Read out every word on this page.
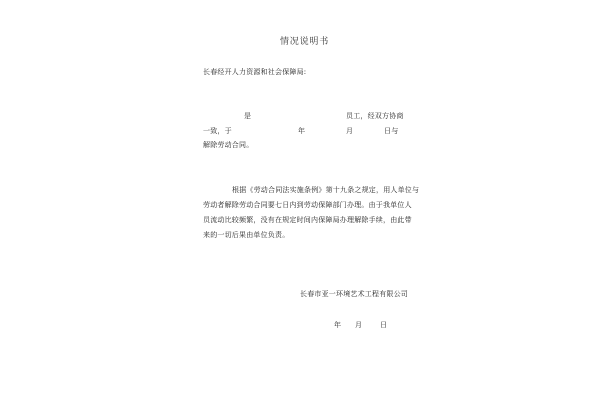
情况说明书
长春经开人力资源和社会保障局:
是	员工，经双方协商
一致，于	年	月	日与
解除劳动合同。
根据《劳动合同法实施条例》第十九条之规定，用人单位与
劳动者解除劳动合同要七日内到劳动保障部门办理。由于我单位人
员流动比较频繁，没有在规定时间内保障局办理解除手续，由此带
来的一切后果由单位负责。
长春市亚一环境艺术工程有限公司
年 月	日
